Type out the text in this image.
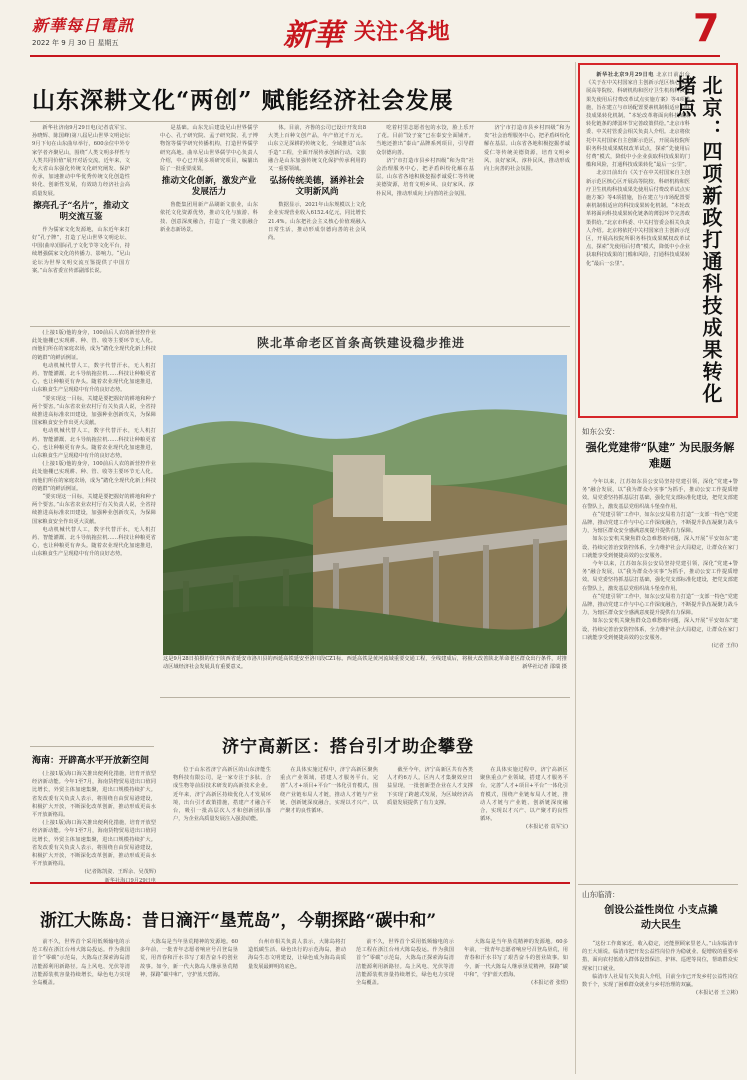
新華每日電訊
2022 年 9 月 30 日 星期五	新華 关注·各地	7
山东深耕文化“两创” 赋能经济社会发展

新华社济南9月29日电(记者袁军宝、孙晓辉、陈国峰)第八届尼山世界文明论坛9月下旬在山东曲阜举行，600余位中外专家学者齐聚尼山，围绕“人类文明多样性与人类共同价值”展开对话交流。近年来，文化大省山东强化传统文化研究阐发、保护传承，加速推动中华优秀传统文化创造性转化、创新性发展，有效助力经济社会高质量发展。

擦亮孔子“名片”，推动文明交流互鉴

作为儒家文化发源地，山东近年来打好“孔子牌”，打造了尼山世界文明论坛、中国(曲阜)国际孔子文化节等文化平台，持续增强儒家文化的传播力、影响力。“尼山论坛为世界文明交流互鉴提供了中国方案。”山东省委宣传部副部长说。

是基础。山东先后建设尼山世界儒学中心、孔子研究院、孟子研究院、孔子博物馆等儒学研究传播机构，打造世界儒学研究高地。曲阜尼山世界儒学中心负责人介绍，中心已开展多项研究项目，编纂出版了一批重要成果。

推动文化创新，激发产业发展活力

鲁能集团用新产品刷新文旅业，山东依托文化资源优势，推动文化与旅游、科技、创意深度融合，打造了一批文旅融合新业态新场景。

体。目前，齐鲁的公司已设计开发出8大类上百种文创产品，年产值过千万元。山东立足深耕的传统文化，全域推进“山东手造”工程，全面开展传承创新行动。文旅融合是山东加强传统文化保护传承利用的又一重要领域。

弘扬传统美德，涵养社会文明新风尚

数据显示，2021年山东规模以上文化企业实现营业收入6152.4亿元，同比增长21.4%。山东把社会主义核心价值观融入日常生活，推动形成崇德向善的社会风尚。

吃着村里志愿者包的水饺，脸上乐开了花。目前“饺子宴”已在泰安全面铺开。当地还推出“泰山”品牌系列项目，引导群众崇德向善。

济宁市打造市县乡村四级“和为贵”社会治理服务中心，把矛盾纠纷化解在基层。山东省各地积极挖掘孝诚爱仁等传统美德资源，培育文明乡风、良好家风、淳朴民风，推动形成向上向善的社会氛围。

济宁市打造市县乡村四级“和为贵”社会治理服务中心，把矛盾纠纷化解在基层。山东省各地积极挖掘孝诚爱仁等传统美德资源，培育文明乡风、良好家风、淳朴民风，推动形成向上向善的社会氛围。

(上接1版)他的身旁，100前后人农的新营控作业此处施棚已实现耕、种、管、收等主要环节无人化。而他们所在的家庭农场，成为“踏化全现代化新上科技的链群”的鲜活例证。

电动机械代替人工，数字代替汗水，无人机打药、智能灌溉、北斗导航拖拉机……科技让种粮更省心，也让种粮更有奔头。随着农业现代化加速推进，山东粮食生产呈现稳中有升的良好态势。

“要实现这一目标，关键是要把握好的耕地和种子两个要害。”山东省农业农村厅有关负责人说，全省持续推进高标准农田建设，加强种业创新攻关，为保障国家粮食安全作出更大贡献。

电动机械代替人工，数字代替汗水，无人机打药、智能灌溉、北斗导航拖拉机……科技让种粮更省心，也让种粮更有奔头。随着农业现代化加速推进，山东粮食生产呈现稳中有升的良好态势。

(上接1版)他的身旁，100前后人农的新营控作业此处施棚已实现耕、种、管、收等主要环节无人化。而他们所在的家庭农场，成为“踏化全现代化新上科技的链群”的鲜活例证。

“要实现这一目标，关键是要把握好的耕地和种子两个要害。”山东省农业农村厅有关负责人说，全省持续推进高标准农田建设，加强种业创新攻关，为保障国家粮食安全作出更大贡献。

电动机械代替人工，数字代替汗水，无人机打药、智能灌溉、北斗导航拖拉机……科技让种粮更省心，也让种粮更有奔头。随着农业现代化加速推进，山东粮食生产呈现稳中有升的良好态势。

陕北革命老区首条高铁建设稳步推进
这是9月28日拍摄的位于陕西省延安市洛川县的西延高铁延安至洛川段CZ1标。西延高铁是黄河流域重要交通工程，全线建成后，将极大改善陕北革命老区群众出行条件，对推动区域经济社会发展具有重要意义。	新华社记者 邵瑞 摄
海南：开辟高水平开放新空间

(上接1版)海口海关推出便利化措施，培育开放型经济新动能。今年1至7月，海南货物贸易进出口值同比增长，外贸主体加速集聚，进出口规模持续扩大。省发改委有关负责人表示，将围绕自由贸易港建设，积极扩大开放，不断深化改革创新，推动形成更高水平开放新格局。

(上接1版)海口海关推出便利化措施，培育开放型经济新动能。今年1至7月，海南货物贸易进出口值同比增长，外贸主体加速集聚，进出口规模持续扩大。省发改委有关负责人表示，将围绕自由贸易港建设，积极扩大开放，不断深化改革创新，推动形成更高水平开放新格局。

(记者陈凯姿、王晖余、吴茂辉)
新华社海口9月29日电
济宁高新区：搭台引才助企攀登

位于山东省济宁高新区的山东济能生物科技有限公司，是一家专注于多肽、合成生物等前沿技术研发的高新技术企业。近年来，济宁高新区持续优化人才发展环境，出台引才政策措施，搭建产才融合平台，吸引一批高层次人才和创新团队落户，为企业高质量发展注入强劲动能。

在具体实施过程中，济宁高新区聚焦重点产业领域，搭建人才服务平台，完善“人才+项目+平台”一体化引育模式，围绕产业链布局人才链，推动人才链与产业链、创新链深度融合，实现以才兴产、以产聚才的良性循环。

截至今年，济宁高新区共有各类人才约6万人。区内人才集聚效应日益显现，一批创新型企业在人才支撑下实现了跨越式发展，为区域经济高质量发展提供了有力支撑。

在具体实施过程中，济宁高新区聚焦重点产业领域，搭建人才服务平台，完善“人才+项目+平台”一体化引育模式，围绕产业链布局人才链，推动人才链与产业链、创新链深度融合，实现以才兴产、以产聚才的良性循环。

(本报记者 袁军宝)
浙江大陈岛：昔日滴汗“垦荒岛”，今朝探路“碳中和”

前不久，世界首个采用低频输电的示范工程在浙江台州大陈岛投运。作为我国首个“零碳”示范岛，大陈岛正探索海岛清洁能源利用新路径。岛上风电、光伏等清洁能源装机容量持续增长，绿色电力实现全岛覆盖。

大陈岛是当年垦荒精神的发源地。60多年前，一批青年志愿者响应号召登岛垦荒，用青春和汗水书写了艰苦奋斗的创业故事。如今，新一代大陈岛人继承垦荒精神，探路“碳中和”，守护蓝天碧海。

台州市相关负责人表示，大陈岛将打造低碳生活、绿色出行的示范海岛，推动海岛生态文明建设，让绿色成为海岛高质量发展最鲜明的底色。

前不久，世界首个采用低频输电的示范工程在浙江台州大陈岛投运。作为我国首个“零碳”示范岛，大陈岛正探索海岛清洁能源利用新路径。岛上风电、光伏等清洁能源装机容量持续增长，绿色电力实现全岛覆盖。

大陈岛是当年垦荒精神的发源地。60多年前，一批青年志愿者响应号召登岛垦荒，用青春和汗水书写了艰苦奋斗的创业故事。如今，新一代大陈岛人继承垦荒精神，探路“碳中和”，守护蓝天碧海。

(本报记者 张煜)

新华社北京9月29日电 北京日前出台《关于在中关村国家自主创新示范区核心区开展高等院校、科研机构和医疗卫生机构科技成果先使用后付费改革试点实施方案》等4项措施，旨在建立与市场配置要素机制相适应的科技成果转化机制。“本轮改革将面向科技成果转化链条的薄弱环节完善政策供给。”北京市科委、中关村管委会相关负责人介绍。北京将依托中关村国家自主创新示范区，开展高校院所职务科技成果赋权改革试点，探索“先使用后付费”模式，降低中小企业获取科技成果的门槛和风险，打通科技成果转化“最后一公里”。

北京日前出台《关于在中关村国家自主创新示范区核心区开展高等院校、科研机构和医疗卫生机构科技成果先使用后付费改革试点实施方案》等4项措施，旨在建立与市场配置要素机制相适应的科技成果转化机制。“本轮改革将面向科技成果转化链条的薄弱环节完善政策供给。”北京市科委、中关村管委会相关负责人介绍。北京将依托中关村国家自主创新示范区，开展高校院所职务科技成果赋权改革试点，探索“先使用后付费”模式，降低中小企业获取科技成果的门槛和风险，打通科技成果转化“最后一公里”。	北京：四项新政打通科技成果转化堵点
如东公安：
强化党建带“队建” 为民服务解难题

今年以来，江苏如东县公安局坚持党建引领，深化“党建+警务”融合发展，以“我为群众办实事”为抓手，推动公安工作提质增效。局党委坚持抓基层打基础，强化党支部标准化建设，把党支部建在警队上，激发基层党组织战斗堡垒作用。

在“党建引领”工作中，如东公安局着力打造“一支部一特色”党建品牌，推动党建工作与中心工作深度融合，不断提升队伍凝聚力战斗力，为辖区群众安全感满意度提升提供有力保障。

如东公安机关聚焦群众急难愁盼问题，深入开展“平安如东”建设，持续完善治安防控体系，全力维护社会大局稳定，让群众在家门口就能享受到便捷高效的公安服务。

今年以来，江苏如东县公安局坚持党建引领，深化“党建+警务”融合发展，以“我为群众办实事”为抓手，推动公安工作提质增效。局党委坚持抓基层打基础，强化党支部标准化建设，把党支部建在警队上，激发基层党组织战斗堡垒作用。

在“党建引领”工作中，如东公安局着力打造“一支部一特色”党建品牌，推动党建工作与中心工作深度融合，不断提升队伍凝聚力战斗力，为辖区群众安全感满意度提升提供有力保障。

如东公安机关聚焦群众急难愁盼问题，深入开展“平安如东”建设，持续完善治安防控体系，全力维护社会大局稳定，让群众在家门口就能享受到便捷高效的公安服务。

(记者 王伟)
山东临清：
创设公益性岗位 小支点撬动大民生

“这份工作离家近，收入稳定，还能照顾家里老人。”山东临清市的王大姐说。临清市把开发公益性岗位作为稳就业、促增收的重要举措，面向农村低收入群体设置保洁、护林、巡逻等岗位，帮助群众实现家门口就业。

临清市人社局有关负责人介绍，目前全市已开发乡村公益性岗位数千个，实现了困难群众就业与乡村治理的双赢。

(本报记者 王立彬)
